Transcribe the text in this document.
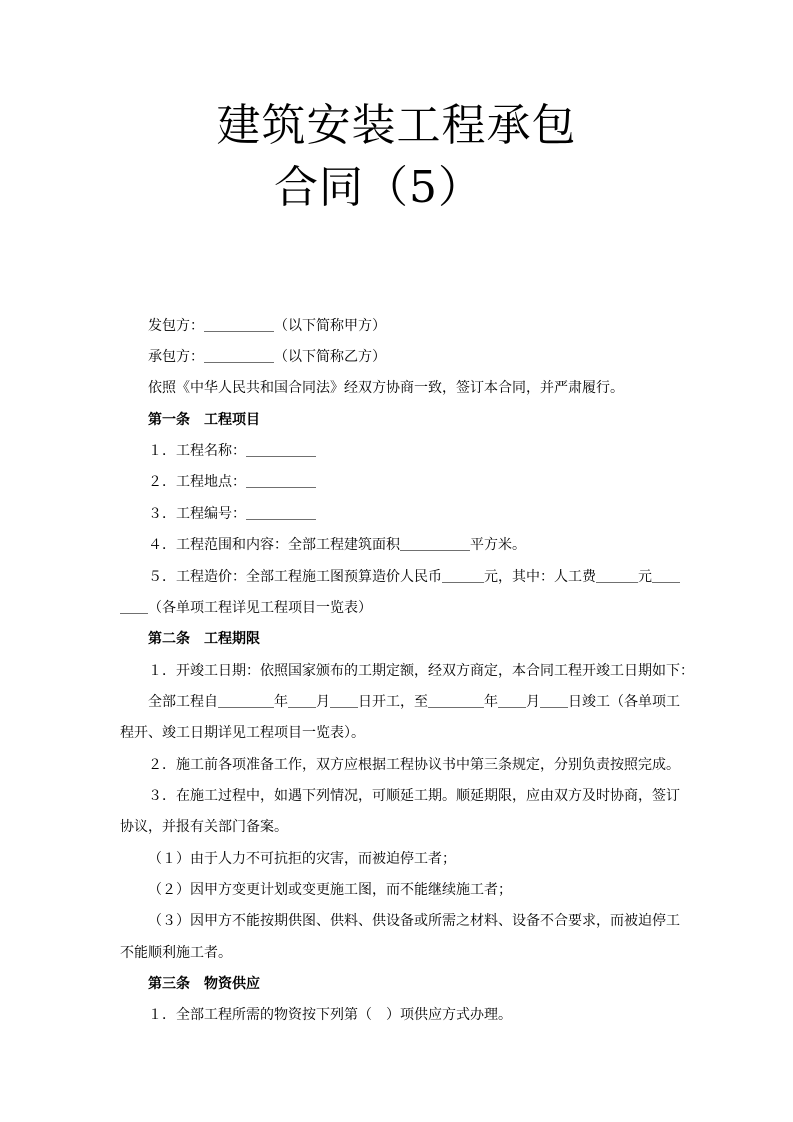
建筑安装工程承包
合同（5）
发包方：＿＿＿＿＿（以下简称甲方）
承包方：＿＿＿＿＿（以下简称乙方）
依照《中华人民共和国合同法》经双方协商一致，签订本合同，并严肃履行。
第一条　工程项目
１．工程名称：＿＿＿＿＿
２．工程地点：＿＿＿＿＿
３．工程编号：＿＿＿＿＿
４．工程范围和内容：全部工程建筑面积＿＿＿＿＿平方米。
５．工程造价：全部工程施工图预算造价人民币＿＿＿元，其中：人工费＿＿＿元＿＿
＿＿（各单项工程详见工程项目一览表）
第二条　工程期限
１．开竣工日期：依照国家颁布的工期定额，经双方商定，本合同工程开竣工日期如下：
全部工程自＿＿＿＿年＿＿月＿＿日开工，至＿＿＿＿年＿＿月＿＿日竣工（各单项工
程开、竣工日期详见工程项目一览表）。
２．施工前各项准备工作，双方应根据工程协议书中第三条规定，分别负责按照完成。
３．在施工过程中，如遇下列情况，可顺延工期。顺延期限，应由双方及时协商，签订
协议，并报有关部门备案。
（１）由于人力不可抗拒的灾害，而被迫停工者；
（２）因甲方变更计划或变更施工图，而不能继续施工者；
（３）因甲方不能按期供图、供料、供设备或所需之材料、设备不合要求，而被迫停工
不能顺利施工者。
第三条　物资供应
１．全部工程所需的物资按下列第（　）项供应方式办理。
